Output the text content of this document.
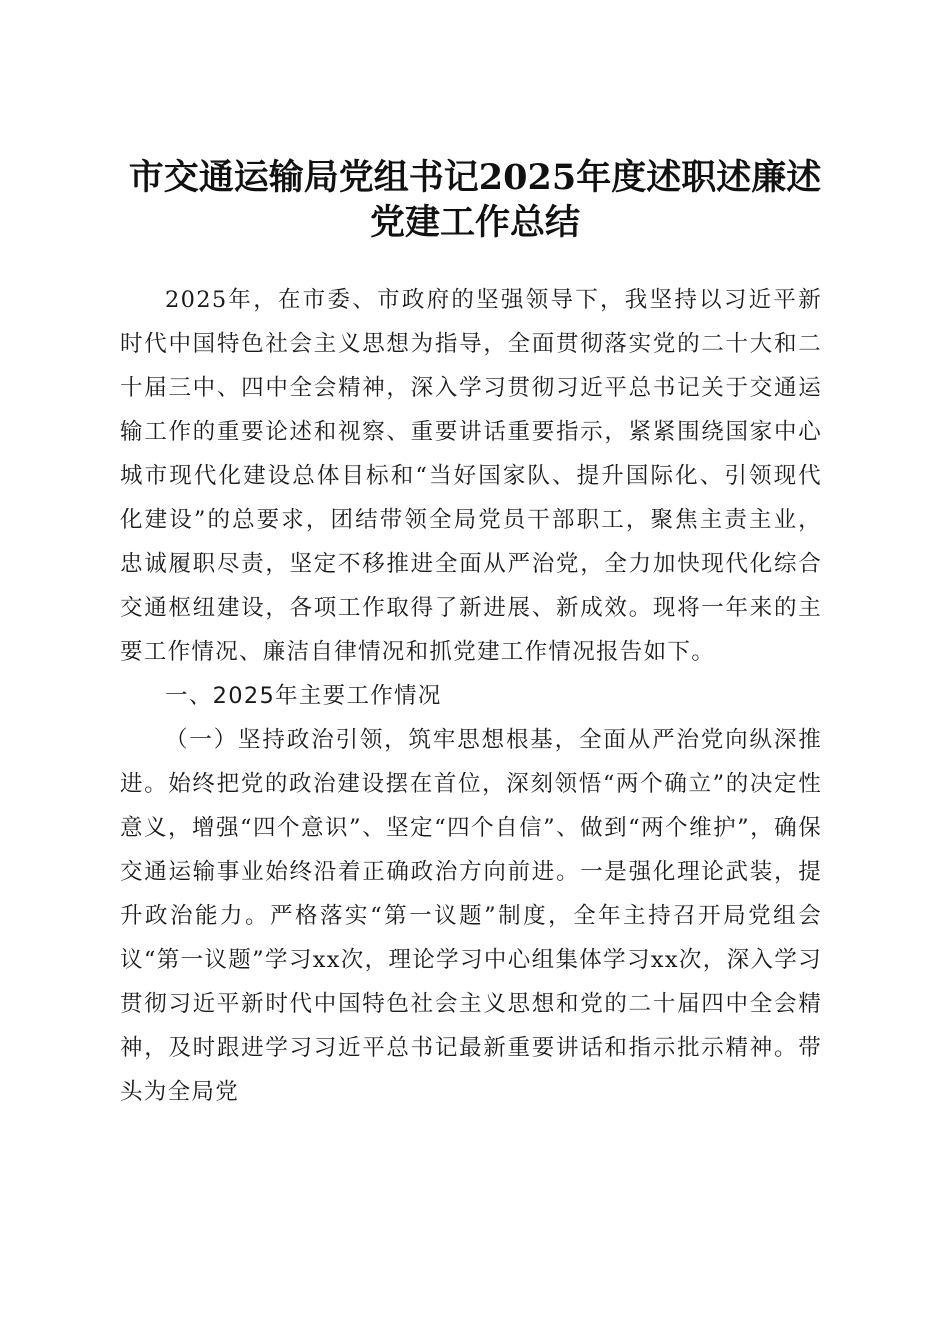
市交通运输局党组书记2025年度述职述廉述
党建工作总结

2025年，在市委、市政府的坚强领导下，我坚持以习近平新时代中国特色社会主义思想为指导，全面贯彻落实党的二十大和二十届三中、四中全会精神，深入学习贯彻习近平总书记关于交通运输工作的重要论述和视察、重要讲话重要指示，紧紧围绕国家中心城市现代化建设总体目标和“当好国家队、提升国际化、引领现代化建设”的总要求，团结带领全局党员干部职工，聚焦主责主业，忠诚履职尽责，坚定不移推进全面从严治党，全力加快现代化综合交通枢纽建设，各项工作取得了新进展、新成效。现将一年来的主要工作情况、廉洁自律情况和抓党建工作情况报告如下。

一、2025年主要工作情况

（一）坚持政治引领，筑牢思想根基，全面从严治党向纵深推进。始终把党的政治建设摆在首位，深刻领悟“两个确立”的决定性意义，增强“四个意识”、坚定“四个自信”、做到“两个维护”，确保交通运输事业始终沿着正确政治方向前进。一是强化理论武装，提升政治能力。严格落实“第一议题”制度，全年主持召开局党组会议“第一议题”学习xx次，理论学习中心组集体学习xx次，深入学习贯彻习近平新时代中国特色社会主义思想和党的二十届四中全会精神，及时跟进学习习近平总书记最新重要讲话和指示批示精神。带头为全局党
